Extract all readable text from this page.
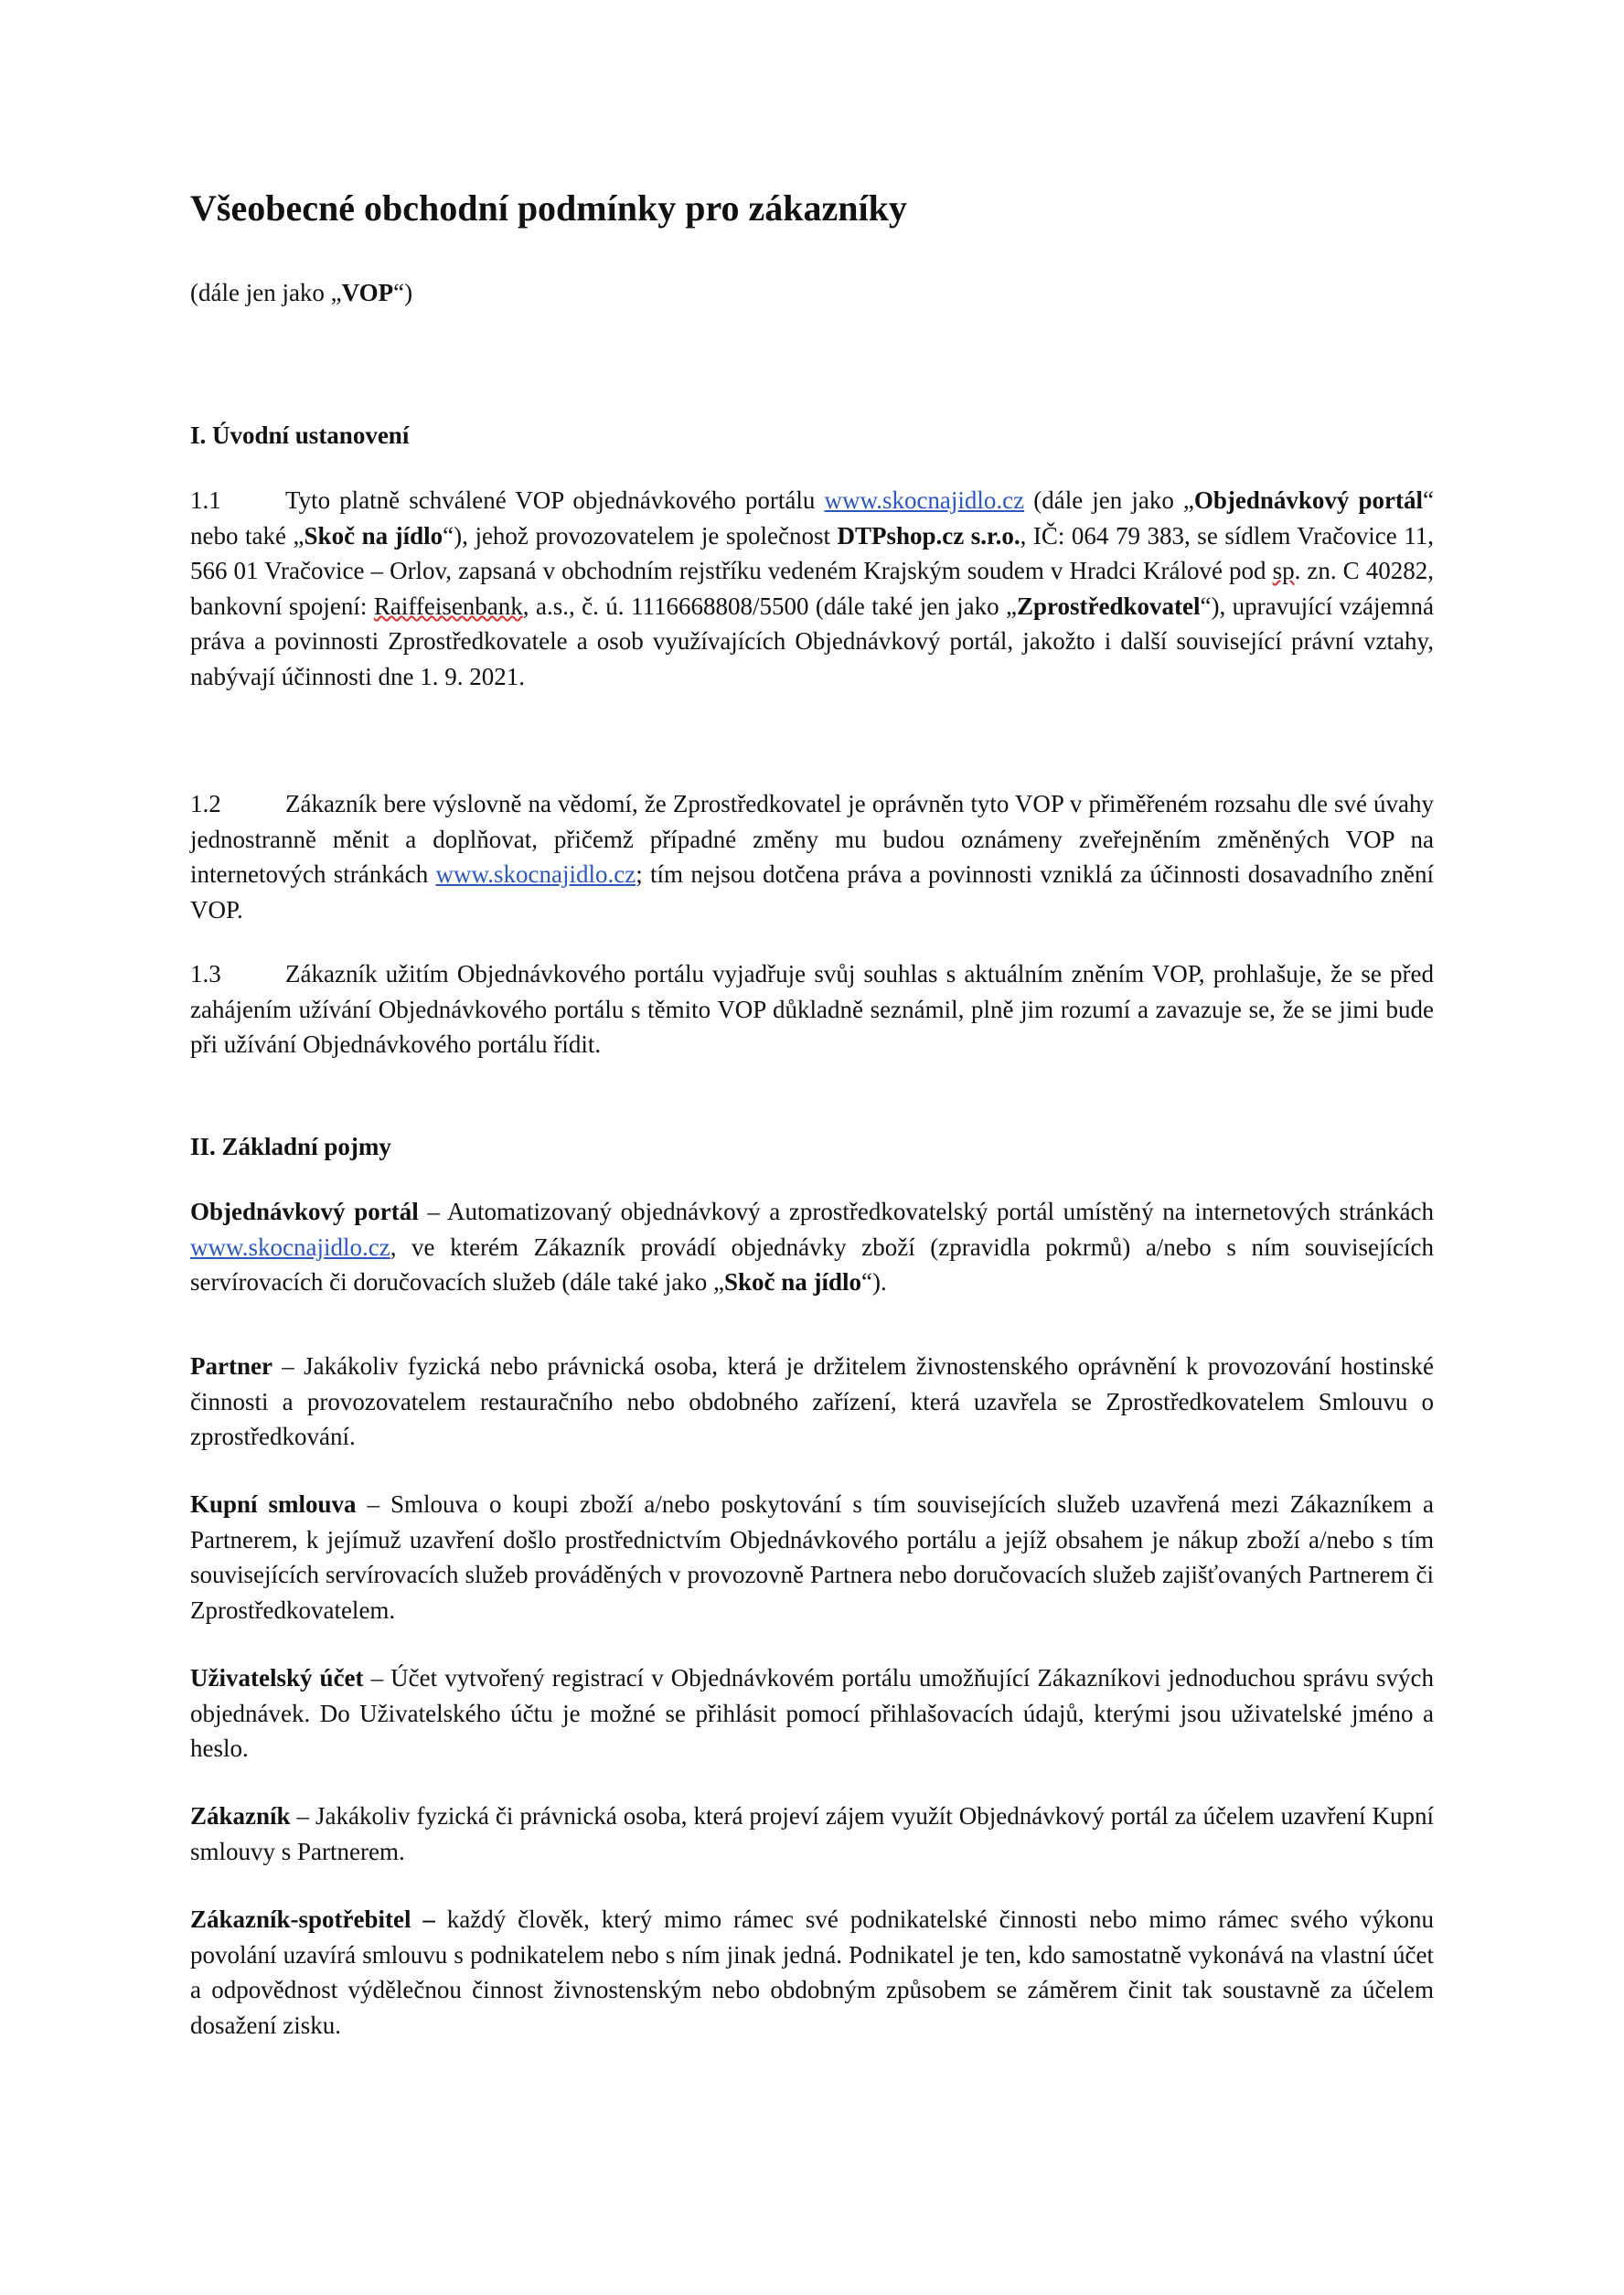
Všeobecné obchodní podmínky pro zákazníky

(dále jen jako „VOP“)

I. Úvodní ustanovení

1.1	Tyto platně schválené VOP objednávkového portálu www.skocnajidlo.cz (dále jen jako „Objednávkový portál“ nebo také „Skoč na jídlo“), jehož provozovatelem je společnost DTPshop.cz s.r.o., IČ: 064 79 383, se sídlem Vračovice 11, 566 01 Vračovice – Orlov, zapsaná v obchodním rejstříku vedeném Krajským soudem v Hradci Králové pod sp. zn. C 40282, bankovní spojení: Raiffeisenbank, a.s., č. ú. 1116668808/5500 (dále také jen jako „Zprostředkovatel“), upravující vzájemná práva a povinnosti Zprostředkovatele a osob využívajících Objednávkový portál, jakožto i další související právní vztahy, nabývají účinnosti dne 1. 9. 2021.

1.2	Zákazník bere výslovně na vědomí, že Zprostředkovatel je oprávněn tyto VOP v přiměřeném rozsahu dle své úvahy jednostranně měnit a doplňovat, přičemž případné změny mu budou oznámeny zveřejněním změněných VOP na internetových stránkách www.skocnajidlo.cz; tím nejsou dotčena práva a povinnosti vzniklá za účinnosti dosavadního znění VOP.

1.3	Zákazník užitím Objednávkového portálu vyjadřuje svůj souhlas s aktuálním zněním VOP, prohlašuje, že se před zahájením užívání Objednávkového portálu s těmito VOP důkladně seznámil, plně jim rozumí a zavazuje se, že se jimi bude při užívání Objednávkového portálu řídit.

II. Základní pojmy

Objednávkový portál – Automatizovaný objednávkový a zprostředkovatelský portál umístěný na internetových stránkách www.skocnajidlo.cz, ve kterém Zákazník provádí objednávky zboží (zpravidla pokrmů) a/nebo s ním souvisejících servírovacích či doručovacích služeb (dále také jako „Skoč na jídlo“).

Partner – Jakákoliv fyzická nebo právnická osoba, která je držitelem živnostenského oprávnění k provozování hostinské činnosti a provozovatelem restauračního nebo obdobného zařízení, která uzavřela se Zprostředkovatelem Smlouvu o zprostředkování.

Kupní smlouva – Smlouva o koupi zboží a/nebo poskytování s tím souvisejících služeb uzavřená mezi Zákazníkem a Partnerem, k jejímuž uzavření došlo prostřednictvím Objednávkového portálu a jejíž obsahem je nákup zboží a/nebo s tím souvisejících servírovacích služeb prováděných v provozovně Partnera nebo doručovacích služeb zajišťovaných Partnerem či Zprostředkovatelem.

Uživatelský účet – Účet vytvořený registrací v Objednávkovém portálu umožňující Zákazníkovi jednoduchou správu svých objednávek. Do Uživatelského účtu je možné se přihlásit pomocí přihlašovacích údajů, kterými jsou uživatelské jméno a heslo.

Zákazník – Jakákoliv fyzická či právnická osoba, která projeví zájem využít Objednávkový portál za účelem uzavření Kupní smlouvy s Partnerem.

Zákazník-spotřebitel – každý člověk, který mimo rámec své podnikatelské činnosti nebo mimo rámec svého výkonu povolání uzavírá smlouvu s podnikatelem nebo s ním jinak jedná. Podnikatel je ten, kdo samostatně vykonává na vlastní účet a odpovědnost výdělečnou činnost živnostenským nebo obdobným způsobem se záměrem činit tak soustavně za účelem dosažení zisku.
